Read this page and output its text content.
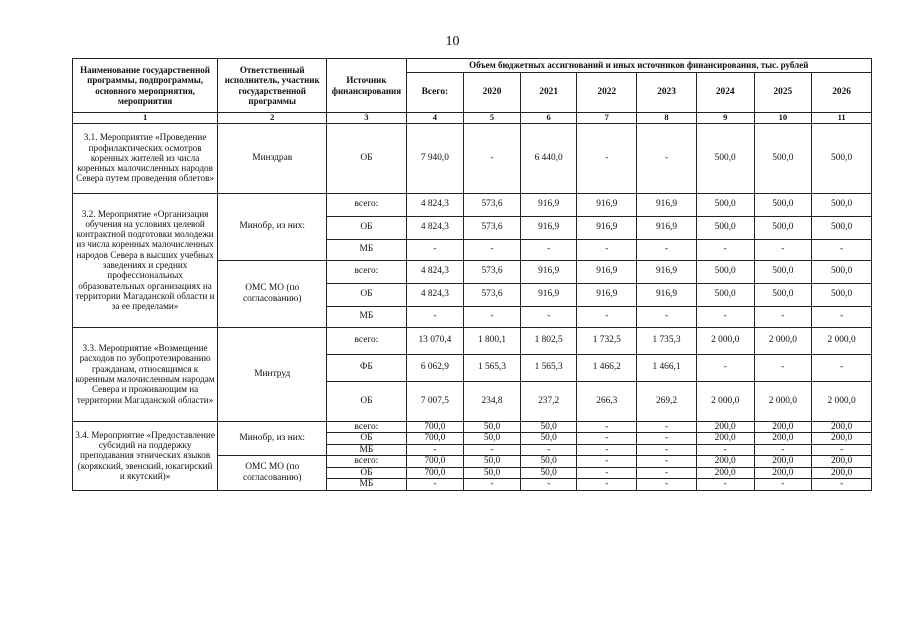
10
Наименование государственной программы, подпрограммы, основного мероприятия, мероприятия	Ответственный исполнитель, участник государственной программы	Источник финансирования	Объем бюджетных ассигнований и иных источников финансирования, тыс. рублей							
			Всего:	2020	2021	2022	2023	2024	2025	2026
1	2	3	4	5	6	7	8	9	10	11
3.1. Мероприятие «Проведение профилактических осмотров коренных жителей из числа коренных малочисленных народов Севера путем проведения облетов»	Минздрав	ОБ	7 940,0	-	6 440,0	-	-	500,0	500,0	500,0
3.2. Мероприятие «Организация обучения на условиях целевой контрактной подготовки молодежи из числа коренных малочисленных народов Севера в высших учебных заведениях и средних профессиональных образовательных организациях на территории Магаданской области и за ее пределами»	Минобр, из них:	всего:	4 824,3	573,6	916,9	916,9	916,9	500,0	500,0	500,0
		ОБ	4 824,3	573,6	916,9	916,9	916,9	500,0	500,0	500,0
		МБ	-	-	-	-	-	-	-	-
	ОМС МО (по согласованию)	всего:	4 824,3	573,6	916,9	916,9	916,9	500,0	500,0	500,0
		ОБ	4 824,3	573,6	916,9	916,9	916,9	500,0	500,0	500,0
		МБ	-	-	-	-	-	-	-	-
3.3. Мероприятие «Возмещение расходов по зубопротезированию гражданам, относящимся к коренным малочисленным народам Севера и проживающим на территории Магаданской области»	Минтруд	всего:	13 070,4	1 800,1	1 802,5	1 732,5	1 735,3	2 000,0	2 000,0	2 000,0
		ФБ	6 062,9	1 565,3	1 565,3	1 466,2	1 466,1	-	-	-
		ОБ	7 007,5	234,8	237,2	266,3	269,2	2 000,0	2 000,0	2 000,0
3.4. Мероприятие «Предоставление субсидий на поддержку преподавания этнических языков (корякский, эвенский, юкагирский и якутский)»	Минобр, из них:	всего:	700,0	50,0	50,0	-	-	200,0	200,0	200,0
		ОБ	700,0	50,0	50,0	-	-	200,0	200,0	200,0
		МБ	-	-	-	-	-	-	-	-
	ОМС МО (по согласованию)	всего:	700,0	50,0	50,0	-	-	200,0	200,0	200,0
		ОБ	700,0	50,0	50,0	-	-	200,0	200,0	200,0
		МБ	-	-	-	-	-	-	-	-
